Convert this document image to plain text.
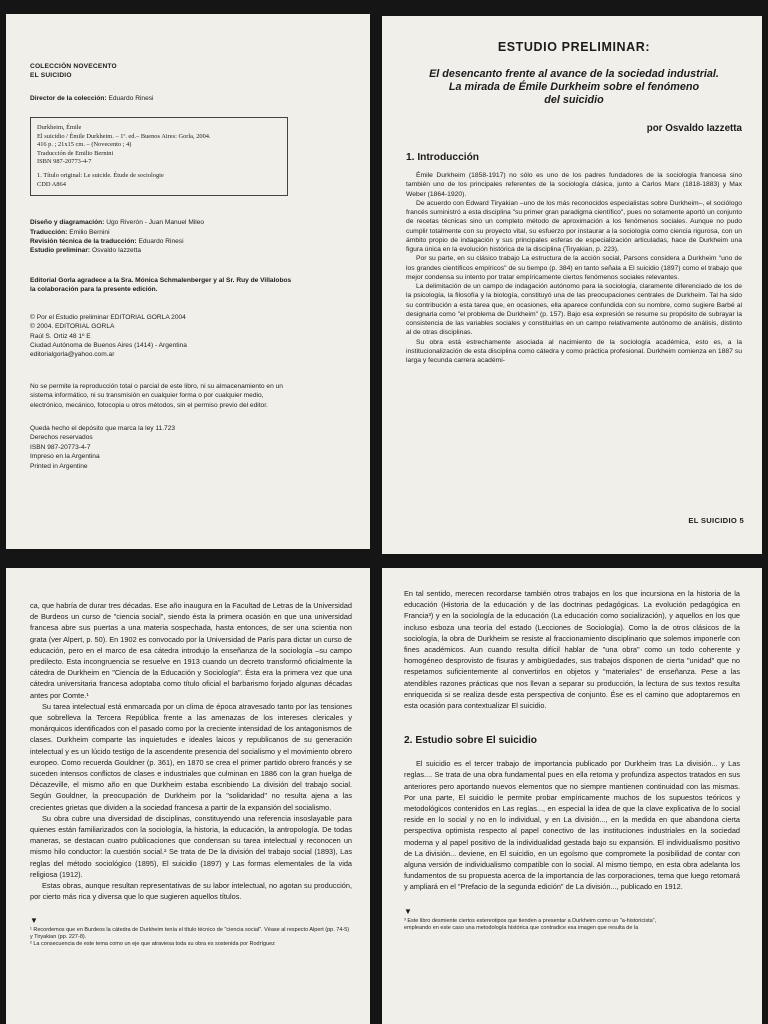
COLECCIÓN NOVECENTO
EL SUICIDIO
Director de la colección: Eduardo Rinesi
Durkheim, Émile
El suicidio / Émile Durkheim. – 1ª. ed.– Buenos Aires: Gorla, 2004.
416 p. ; 21x15 cm. – (Novecento ; 4)
Traducción de Emilio Bernini
ISBN 987-20773-4-7
1. Título original: Le suicide. Étude de sociologie
CDD A864
Diseño y diagramación: Ugo Riverón - Juan Manuel Mileo
Traducción: Emilio Bernini
Revisión técnica de la traducción: Eduardo Rinesi
Estudio preliminar: Osvaldo Iazzetta
Editorial Gorla agradece a la Sra. Mónica Schmalenberger y al Sr. Ruy de Villalobos
la colaboración para la presente edición.
© Por el Estudio preliminar EDITORIAL GORLA 2004
© 2004. EDITORIAL GORLA
Raúl S. Ortiz 48 1º E
Ciudad Autónoma de Buenos Aires (1414) - Argentina
editorialgorla@yahoo.com.ar
No se permite la reproducción total o parcial de este libro, ni su almacenamiento en un
sistema informático, ni su transmisión en cualquier forma o por cualquier medio,
electrónico, mecánico, fotocopia u otros métodos, sin el permiso previo del editor.
Queda hecho el depósito que marca la ley 11.723
Derechos reservados
ISBN 987-20773-4-7
Impreso en la Argentina
Printed in Argentine
ESTUDIO PRELIMINAR:
El desencanto frente al avance de la sociedad industrial.
La mirada de Émile Durkheim sobre el fenómeno
del suicidio
por Osvaldo Iazzetta
1. Introducción

Émile Durkheim (1858-1917) no sólo es uno de los padres fundadores de la sociología francesa sino también uno de los principales referentes de la sociología clásica, junto a Carlos Marx (1818-1883) y Max Weber (1864-1920).

De acuerdo con Edward Tiryakian –uno de los más reconocidos especialistas sobre Durkheim–, el sociólogo francés suministró a esta disciplina "su primer gran paradigma científico", pues no solamente aportó un conjunto de recetas técnicas sino un completo método de aproximación a los fenómenos sociales. Aunque no pudo cumplir totalmente con su proyecto vital, su esfuerzo por instaurar a la sociología como ciencia rigurosa, con un ámbito propio de indagación y sus principales esferas de especialización articuladas, hace de Durkheim una figura única en la evolución histórica de la disciplina (Tiryakian, p. 223).

Por su parte, en su clásico trabajo La estructura de la acción social, Parsons considera a Durkheim "uno de los grandes científicos empíricos" de su tiempo (p. 384) en tanto señala a El suicidio (1897) como el trabajo que mejor condensa su intento por tratar empíricamente ciertos fenómenos sociales relevantes.

La delimitación de un campo de indagación autónomo para la sociología, claramente diferenciado de los de la psicología, la filosofía y la biología, constituyó una de las preocupaciones centrales de Durkheim. Tal ha sido su contribución a esta tarea que, en ocasiones, ella aparece confundida con su nombre, como sugiere Barbé al designarla como "el problema de Durkheim" (p. 157). Bajo esa expresión se resume su propósito de subrayar la consistencia de las variables sociales y constituirlas en un campo relativamente autónomo de análisis, distinto al de otras disciplinas.

Su obra está estrechamente asociada al nacimiento de la sociología académica, esto es, a la institucionalización de esta disciplina como cátedra y como práctica profesional. Durkheim comienza en 1887 su larga y fecunda carrera académi-

EL SUICIDIO 5

ca, que habría de durar tres décadas. Ese año inaugura en la Facultad de Letras de la Universidad de Burdeos un curso de "ciencia social", siendo ésta la primera ocasión en que una universidad francesa abre sus puertas a una materia sospechada, hasta entonces, de ser una scientia non grata (ver Alpert, p. 50). En 1902 es convocado por la Universidad de París para dictar un curso de educación, pero en el marco de esa cátedra introdujo la enseñanza de la sociología –su campo predilecto. Esta incongruencia se resuelve en 1913 cuando un decreto transformó oficialmente la cátedra de Durkheim en "Ciencia de la Educación y Sociología". Ésta era la primera vez que una cátedra universitaria francesa adoptaba como título oficial el barbarismo forjado algunas décadas antes por Comte.¹

Su tarea intelectual está enmarcada por un clima de época atravesado tanto por las tensiones que sobrelleva la Tercera República frente a las amenazas de los intereses clericales y monárquicos identificados con el pasado como por la creciente intensidad de los antagonismos de clases. Durkheim comparte las inquietudes e ideales laicos y republicanos de su generación intelectual y es un lúcido testigo de la ascendente presencia del socialismo y el movimiento obrero europeo. Como recuerda Gouldner (p. 361), en 1870 se crea el primer partido obrero francés y se suceden intensos conflictos de clases e industriales que culminan en 1886 con la gran huelga de Décazeville, el mismo año en que Durkheim estaba escribiendo La división del trabajo social. Según Gouldner, la preocupación de Durkheim por la "solidaridad" no resulta ajena a las crecientes grietas que dividen a la sociedad francesa a partir de la expansión del socialismo.

Su obra cubre una diversidad de disciplinas, constituyendo una referencia insoslayable para quienes están familiarizados con la sociología, la historia, la educación, la antropología. De todas maneras, se destacan cuatro publicaciones que condensan su tarea intelectual y reconocen un mismo hilo conductor: la cuestión social.² Se trata de De la división del trabajo social (1893), Las reglas del método sociológico (1895), El suicidio (1897) y Las formas elementales de la vida religiosa (1912).

Estas obras, aunque resultan representativas de su labor intelectual, no agotan su producción, por cierto más rica y diversa que lo que sugieren aquellos títulos.

▼

¹ Recordemos que en Burdeos la cátedra de Durkheim tenía el título técnico de "ciencia social". Véase al respecto Alpert (pp. 74-5) y Tiryakian (pp. 227-8).

² La consecuencia de este tema como un eje que atraviesa toda su obra es sostenida por Rodríguez

En tal sentido, merecen recordarse también otros trabajos en los que incursiona en la historia de la educación (Historia de la educación y de las doctrinas pedagógicas. La evolución pedagógica en Francia³) y en la sociología de la educación (La educación como socialización), y aquellos en los que incluso esboza una teoría del estado (Lecciones de Sociología). Como la de otros clásicos de la sociología, la obra de Durkheim se resiste al fraccionamiento disciplinario que solemos imponerle con fines académicos. Aun cuando resulta difícil hablar de "una obra" como un todo coherente y homogéneo desprovisto de fisuras y ambigüedades, sus trabajos disponen de cierta "unidad" que no respetamos suficientemente al convertirlos en objetos y "materiales" de enseñanza. Pese a las atendibles razones prácticas que nos llevan a separar su producción, la lectura de sus textos resulta enriquecida si se realiza desde esta perspectiva de conjunto. Ése es el camino que adoptaremos en esta ocasión para contextualizar El suicidio.

2. Estudio sobre El suicidio

El suicidio es el tercer trabajo de importancia publicado por Durkheim tras La división... y Las reglas.... Se trata de una obra fundamental pues en ella retoma y profundiza aspectos tratados en sus anteriores pero aportando nuevos elementos que no siempre mantienen continuidad con las mismas. Por una parte, El suicidio le permite probar empíricamente muchos de los supuestos teóricos y metodológicos contenidos en Las reglas..., en especial la idea de que la clave explicativa de lo social reside en lo social y no en lo individual, y en La división..., en la medida en que abandona cierta perspectiva optimista respecto al papel conectivo de las instituciones industriales en la sociedad moderna y al papel positivo de la individualidad gestada bajo su expansión. El individualismo positivo de La división... deviene, en El suicidio, en un egoísmo que compromete la posibilidad de contar con alguna versión de individualismo compatible con lo social. Al mismo tiempo, en esta obra adelanta los fundamentos de su propuesta acerca de la importancia de las corporaciones, tema que luego retomará y ampliará en el "Prefacio de la segunda edición" de La división..., publicado en 1912.

▼

³ Este libro desmiente ciertos estereotipos que tienden a presentar a Durkheim como un "a-historicista",

empleando en este caso una metodología histórica que contradice esa imagen que resulta de la
